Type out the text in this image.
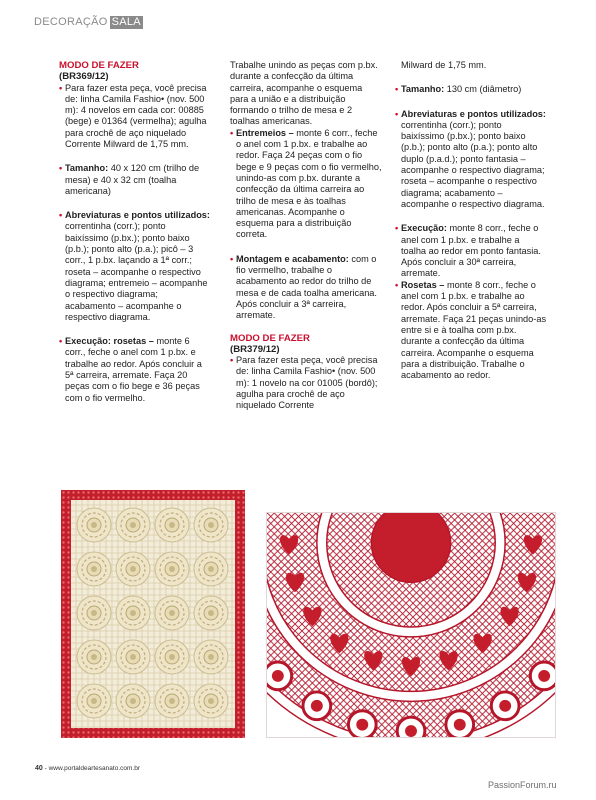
DECORAÇÃO SALA
MODO DE FAZER
(BR369/12)
• Para fazer esta peça, você precisa de: linha Camila Fashio• (nov. 500 m): 4 novelos em cada cor: 00885 (bege) e 01364 (vermelha); agulha para crochê de aço niquelado Corrente Milward de 1,75 mm.
• Tamanho: 40 x 120 cm (trilho de mesa) e 40 x 32 cm (toalha americana)
• Abreviaturas e pontos utilizados: correntinha (corr.); ponto baixíssimo (p.bx.); ponto baixo (p.b.); ponto alto (p.a.); picô – 3 corr., 1 p.bx. laçando a 1ª corr.; roseta – acompanhe o respectivo diagrama; entremeio – acompanhe o respectivo diagrama; acabamento – acompanhe o respectivo diagrama.
• Execução: rosetas – monte 6 corr., feche o anel com 1 p.bx. e trabalhe ao redor. Após concluir a 5ª carreira, arremate. Faça 20 peças com o fio bege e 36 peças com o fio vermelho.
Trabalhe unindo as peças com p.bx. durante a confecção da última carreira, acompanhe o esquema para a união e a distribuição formando o trilho de mesa e 2 toalhas americanas.
• Entremeios – monte 6 corr., feche o anel com 1 p.bx. e trabalhe ao redor. Faça 24 peças com o fio bege e 9 peças com o fio vermelho, unindo-as com p.bx. durante a confecção da última carreira ao trilho de mesa e às toalhas americanas. Acompanhe o esquema para a distribuição correta.
• Montagem e acabamento: com o fio vermelho, trabalhe o acabamento ao redor do trilho de mesa e de cada toalha americana. Após concluir a 3ª carreira, arremate.
MODO DE FAZER
(BR379/12)
• Para fazer esta peça, você precisa de: linha Camila Fashio• (nov. 500 m): 1 novelo na cor 01005 (bordô); agulha para crochê de aço niquelado Corrente
Milward de 1,75 mm.
• Tamanho: 130 cm (diâmetro)
• Abreviaturas e pontos utilizados: correntinha (corr.); ponto baixíssimo (p.bx.); ponto baixo (p.b.); ponto alto (p.a.); ponto alto duplo (p.a.d.); ponto fantasia – acompanhe o respectivo diagrama; roseta – acompanhe o respectivo diagrama; acabamento – acompanhe o respectivo diagrama.
• Execução: monte 8 corr., feche o anel com 1 p.bx. e trabalhe a toalha ao redor em ponto fantasia. Após concluir a 30ª carreira, arremate.
• Rosetas – monte 8 corr., feche o anel com 1 p.bx. e trabalhe ao redor. Após concluir a 5ª carreira, arremate. Faça 21 peças unindo-as entre si e à toalha com p.bx. durante a confecção da última carreira. Acompanhe o esquema para a distribuição. Trabalhe o acabamento ao redor.
40 - www.portaldeartesanato.com.br
PassionForum.ru
